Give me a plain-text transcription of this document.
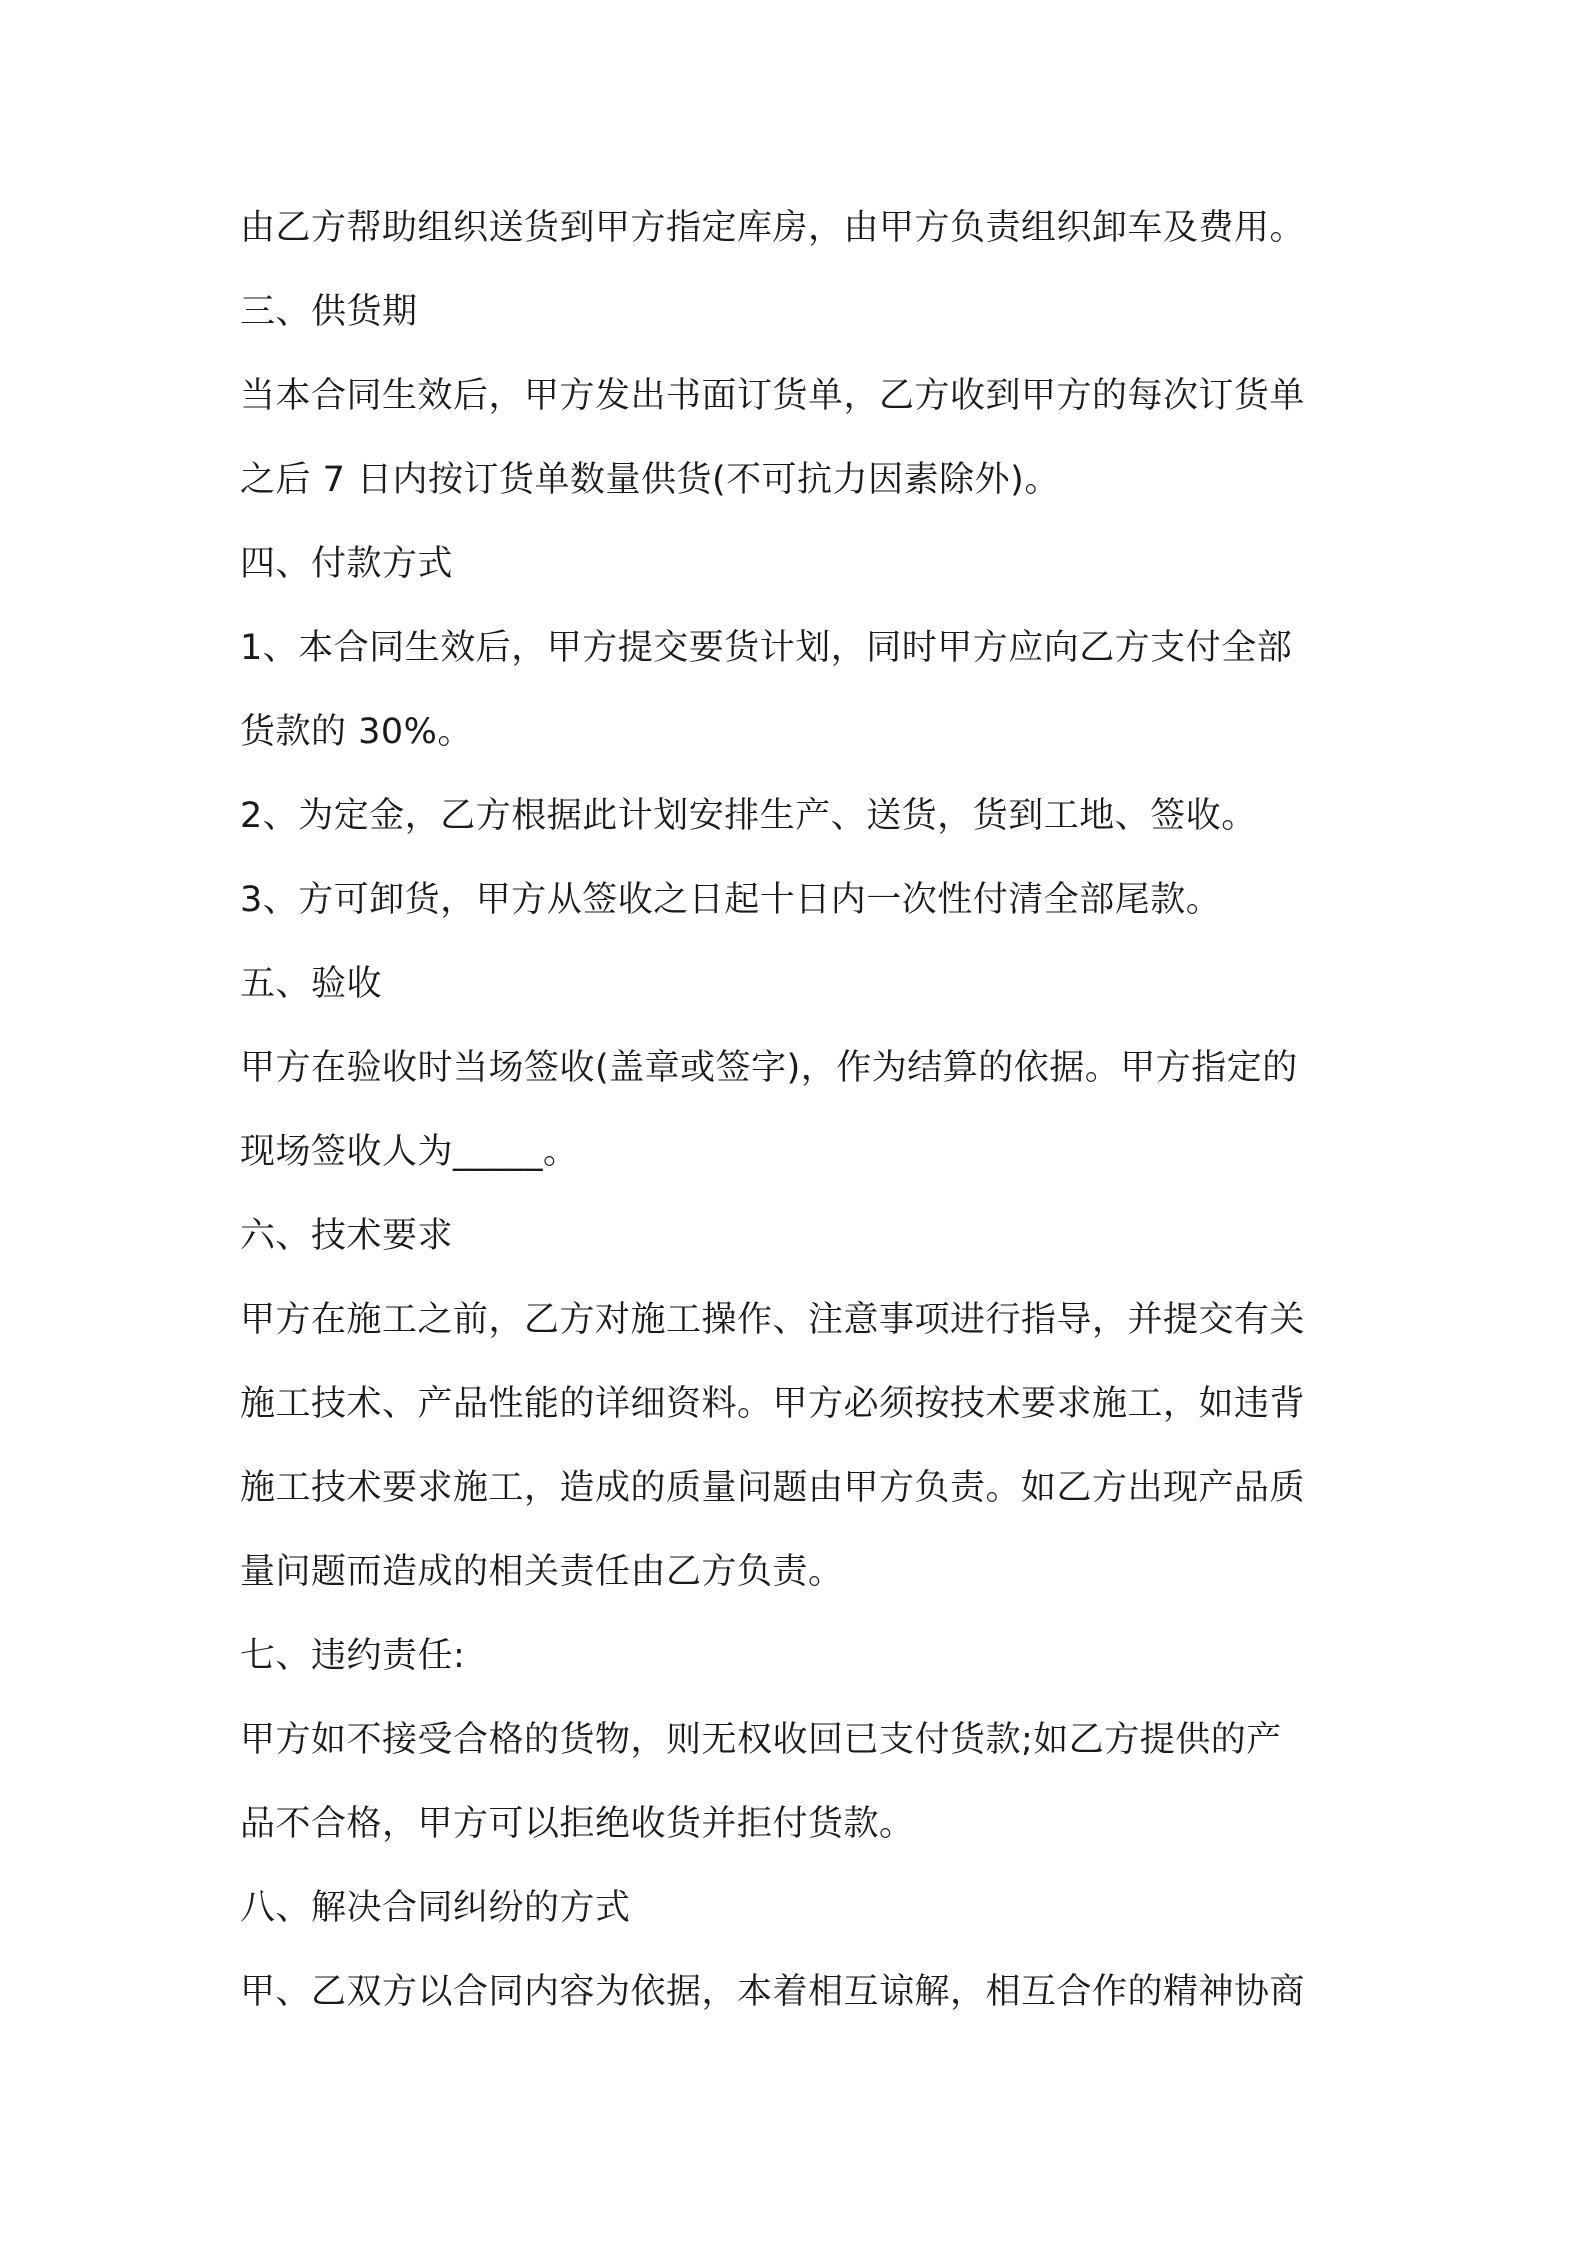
由乙方帮助组织送货到甲方指定库房，由甲方负责组织卸车及费用。

三、供货期

当本合同生效后，甲方发出书面订货单，乙方收到甲方的每次订货单

之后 7 日内按订货单数量供货(不可抗力因素除外)。

四、付款方式

1、本合同生效后，甲方提交要货计划，同时甲方应向乙方支付全部

货款的 30%。

2、为定金，乙方根据此计划安排生产、送货，货到工地、签收。

3、方可卸货，甲方从签收之日起十日内一次性付清全部尾款。

五、验收

甲方在验收时当场签收(盖章或签字)，作为结算的依据。甲方指定的

现场签收人为_____。

六、技术要求

甲方在施工之前，乙方对施工操作、注意事项进行指导，并提交有关

施工技术、产品性能的详细资料。甲方必须按技术要求施工，如违背

施工技术要求施工，造成的质量问题由甲方负责。如乙方出现产品质

量问题而造成的相关责任由乙方负责。

七、违约责任:

甲方如不接受合格的货物，则无权收回已支付货款;如乙方提供的产

品不合格，甲方可以拒绝收货并拒付货款。

八、解决合同纠纷的方式

甲、乙双方以合同内容为依据，本着相互谅解，相互合作的精神协商
